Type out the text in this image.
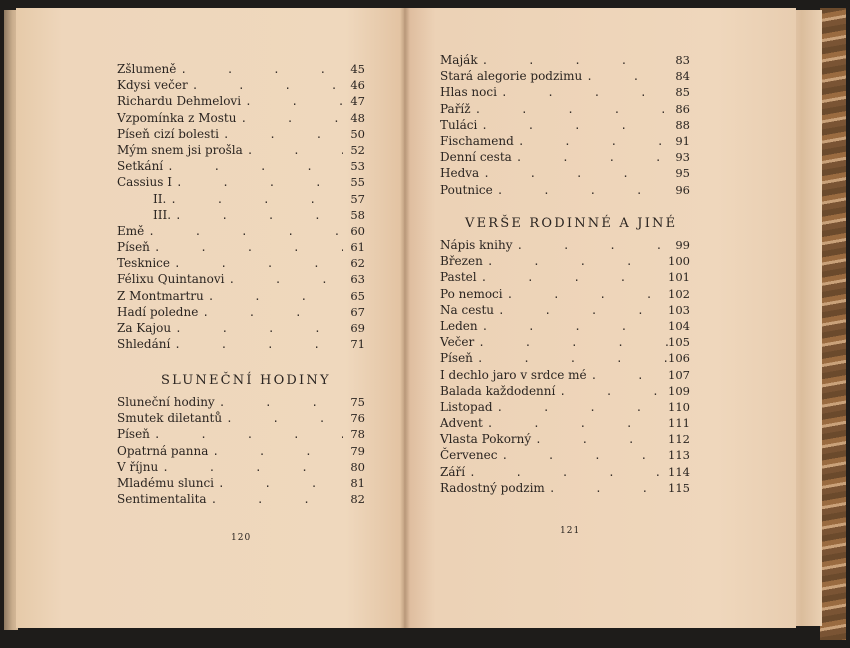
Zšlumeně .	45
Kdysi večer .	46
Richardu Dehmelovi .	47
Vzpomínka z Mostu .	48
Píseň cizí bolesti .	50
Mým snem jsi prošla .	52
Setkání .	53
Cassius I .	55
II. .	57
III. .	58
Emě .	60
Píseň .	61
Tesknice .	62
Félixu Quintanovi .	63
Z Montmartru .	65
Hadí poledne .	67
Za Kajou .	69
Shledání .	71
SLUNEČNÍ HODINY
Sluneční hodiny .	75
Smutek diletantů .	76
Píseň .	78
Opatrná panna .	79
V říjnu .	80
Mladému slunci .	81
Sentimentalita .	82
120
Maják .	83
Stará alegorie podzimu .	84
Hlas noci .	85
Paříž .	86
Tuláci .	88
Fischamend .	91
Denní cesta .	93
Hedva .	95
Poutnice .	96
VERŠE RODINNÉ A JINÉ
Nápis knihy .	99
Březen .	100
Pastel .	101
Po nemoci .	102
Na cestu .	103
Leden .	104
Večer .	105
Píseň .	106
I dechlo jaro v srdce mé .	107
Balada každodenní .	109
Listopad .	110
Advent .	111
Vlasta Pokorný .	112
Červenec .	113
Září .	114
Radostný podzim .	115
121
